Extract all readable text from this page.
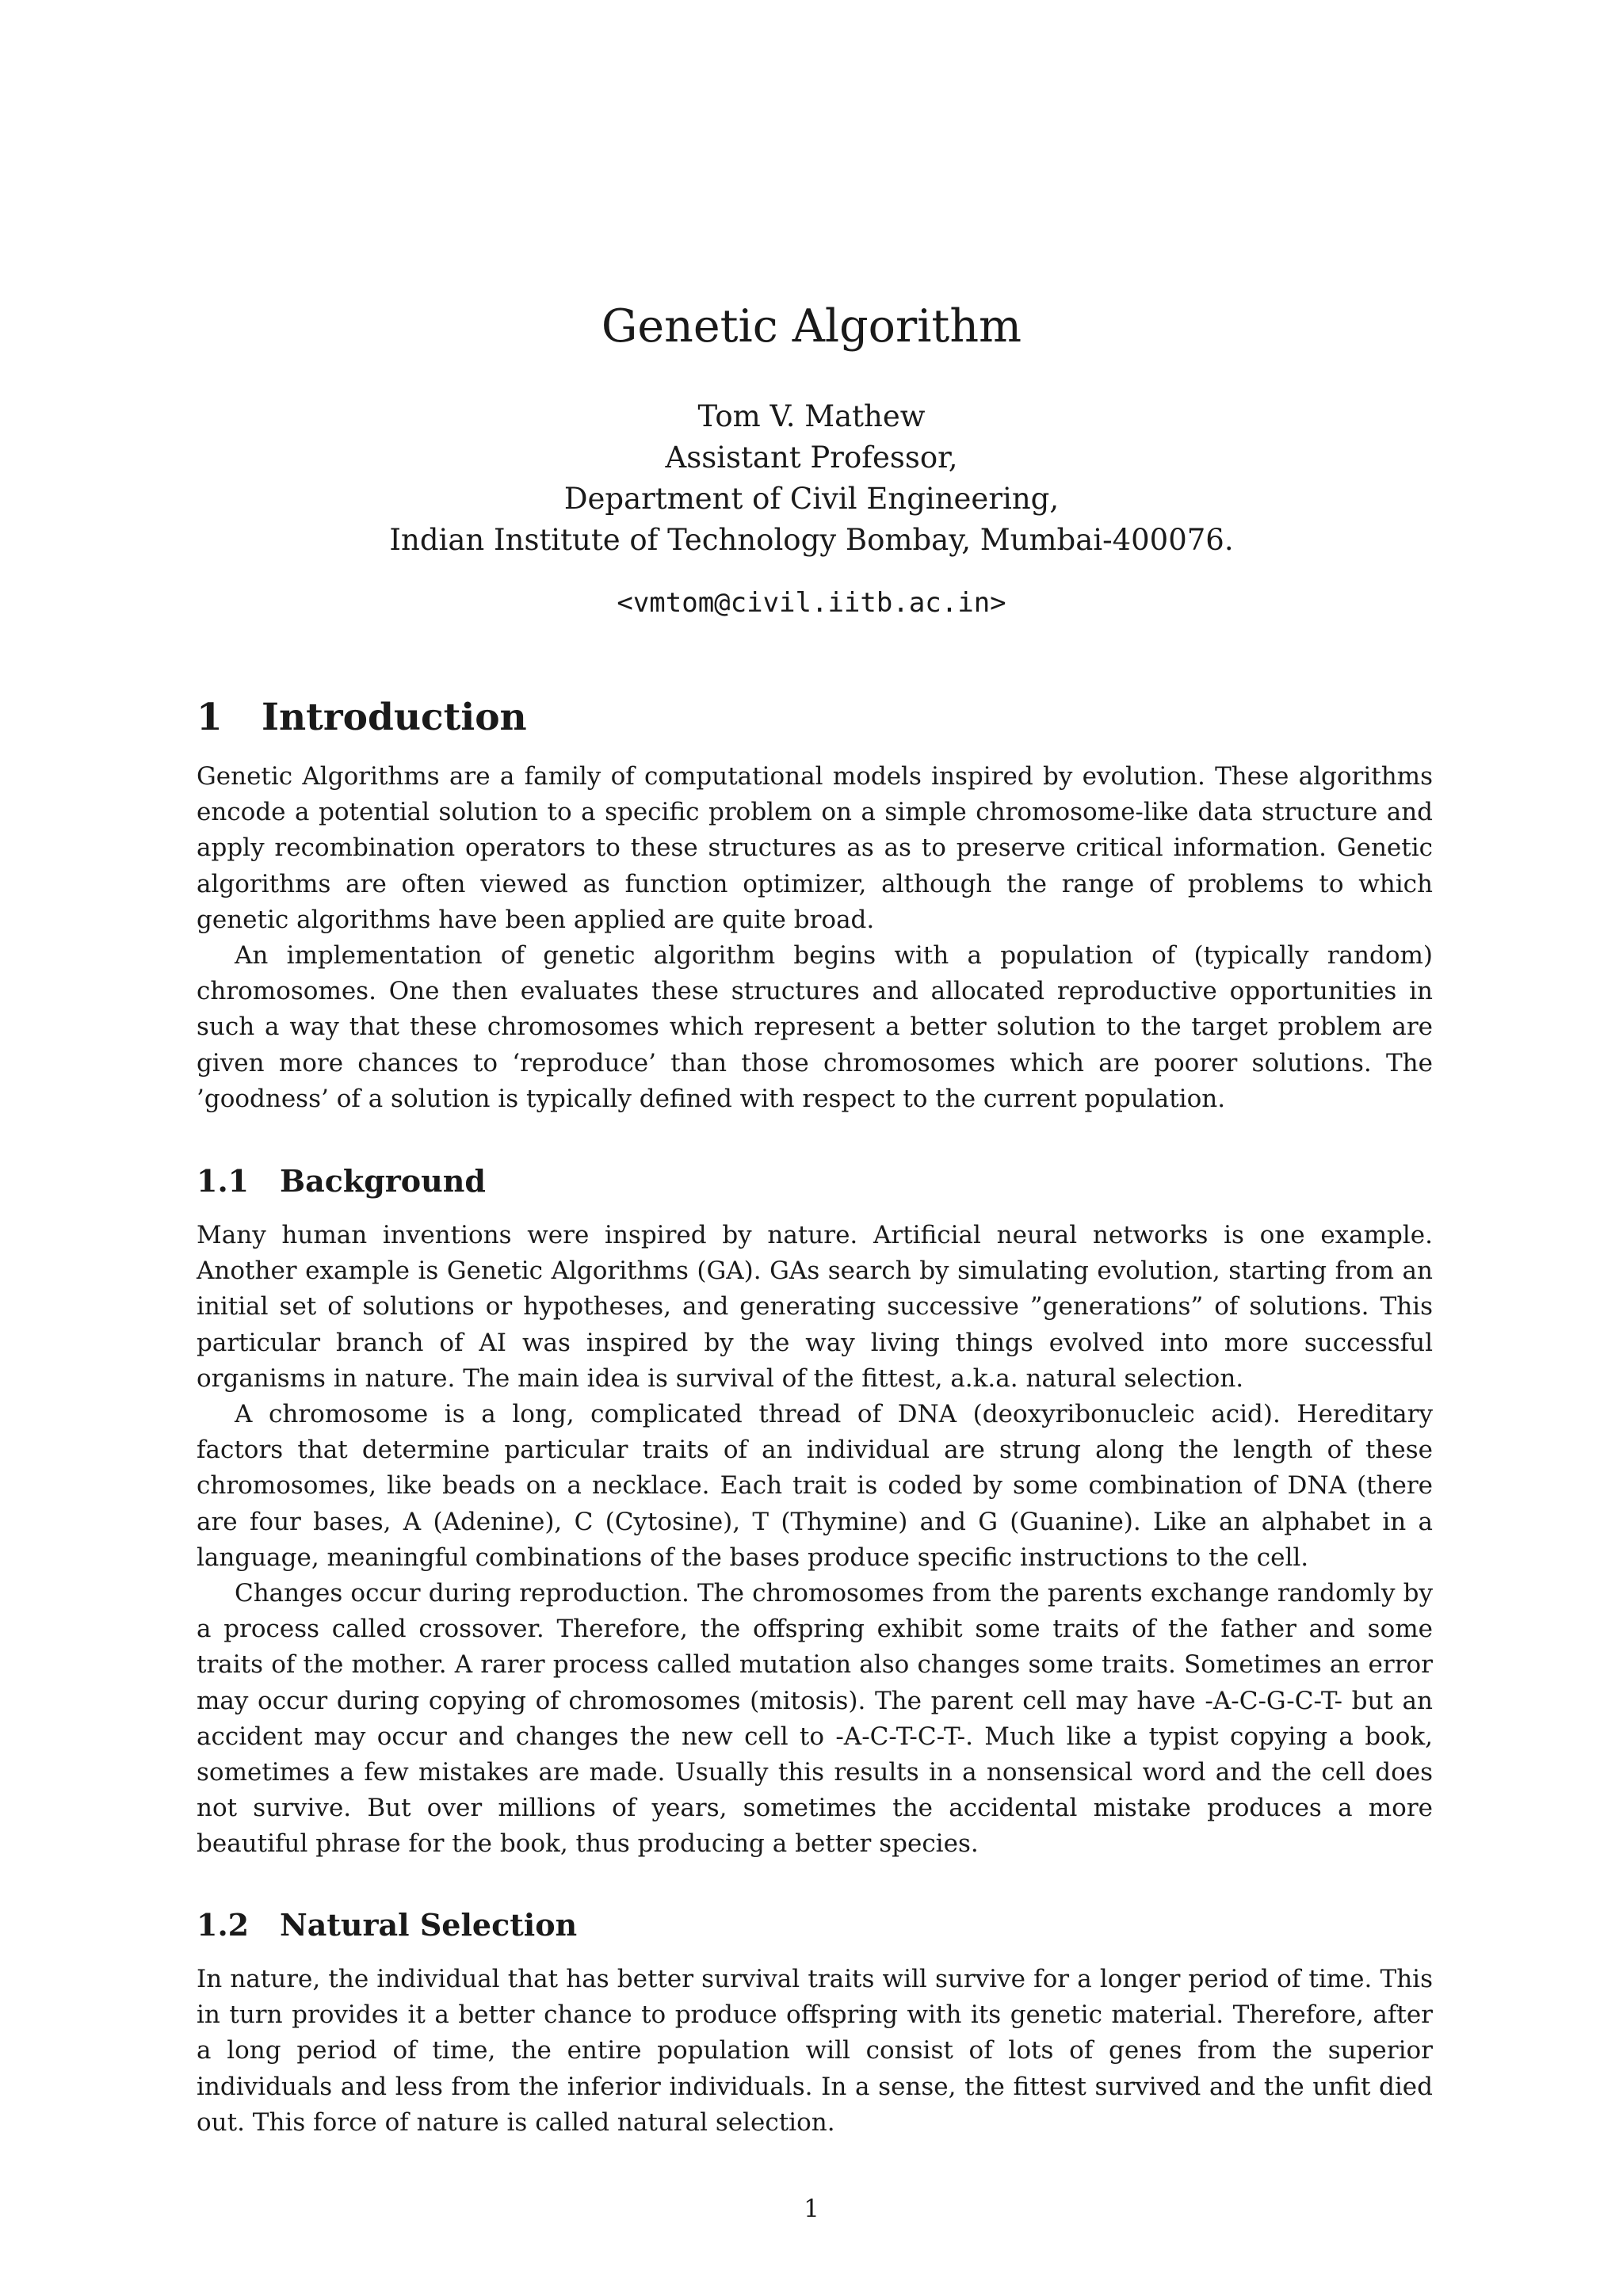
Genetic Algorithm
Tom V. Mathew
Assistant Professor,
Department of Civil Engineering,
Indian Institute of Technology Bombay, Mumbai-400076.
<vmtom@civil.iitb.ac.in>
1 Introduction

Genetic Algorithms are a family of computational models inspired by evolution. These algorithms encode a potential solution to a specific problem on a simple chromosome-like data structure and apply recombination operators to these structures as as to preserve critical information. Genetic algorithms are often viewed as function optimizer, although the range of problems to which genetic algorithms have been applied are quite broad.

An implementation of genetic algorithm begins with a population of (typically random) chromosomes. One then evaluates these structures and allocated reproductive opportunities in such a way that these chromosomes which represent a better solution to the target problem are given more chances to ‘reproduce’ than those chromosomes which are poorer solutions. The ’goodness’ of a solution is typically defined with respect to the current population.

1.1 Background

Many human inventions were inspired by nature. Artificial neural networks is one example. Another example is Genetic Algorithms (GA). GAs search by simulating evolution, starting from an initial set of solutions or hypotheses, and generating successive ”generations” of solutions. This particular branch of AI was inspired by the way living things evolved into more successful organisms in nature. The main idea is survival of the fittest, a.k.a. natural selection.

A chromosome is a long, complicated thread of DNA (deoxyribonucleic acid). Hereditary factors that determine particular traits of an individual are strung along the length of these chromosomes, like beads on a necklace. Each trait is coded by some combination of DNA (there are four bases, A (Adenine), C (Cytosine), T (Thymine) and G (Guanine). Like an alphabet in a language, meaningful combinations of the bases produce specific instructions to the cell.

Changes occur during reproduction. The chromosomes from the parents exchange randomly by a process called crossover. Therefore, the offspring exhibit some traits of the father and some traits of the mother. A rarer process called mutation also changes some traits. Sometimes an error may occur during copying of chromosomes (mitosis). The parent cell may have -A-C-G-C-T- but an accident may occur and changes the new cell to -A-C-T-C-T-. Much like a typist copying a book, sometimes a few mistakes are made. Usually this results in a nonsensical word and the cell does not survive. But over millions of years, sometimes the accidental mistake produces a more beautiful phrase for the book, thus producing a better species.

1.2 Natural Selection

In nature, the individual that has better survival traits will survive for a longer period of time. This in turn provides it a better chance to produce offspring with its genetic material. Therefore, after a long period of time, the entire population will consist of lots of genes from the superior individuals and less from the inferior individuals. In a sense, the fittest survived and the unfit died out. This force of nature is called natural selection.

1
